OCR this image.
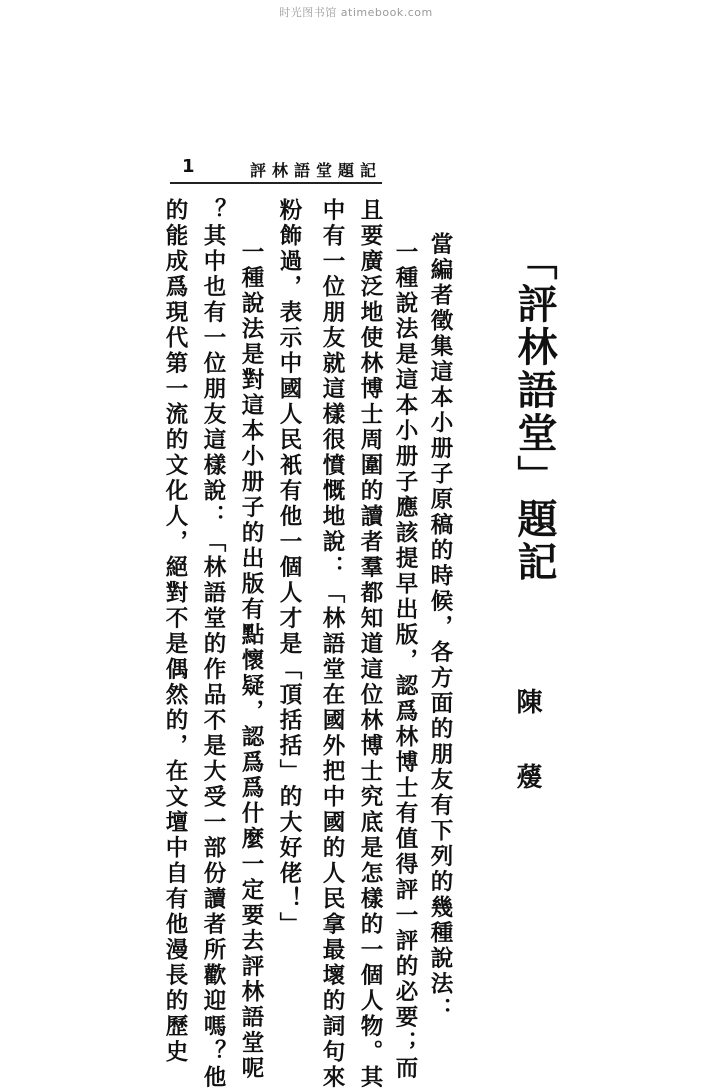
时光图书馆 atimebook.com
1	評林語堂題記
「評林語堂」題記
陳 蕿
當編者徵集這本小册子原稿的時候，各方面的朋友有下列的幾種說法：
一種說法是這本小册子應該提早出版，認爲林博士有值得評一評的必要；而
且要廣泛地使林博士周圍的讀者羣都知道這位林博士究底是怎樣的一個人物。其
中有一位朋友就這樣很憤慨地說：「林語堂在國外把中國的人民拿最壞的詞句來
粉飾過，表示中國人民衹有他一個人才是「頂括括」的大好佬！」
一種說法是對這本小册子的出版有點懷疑，認爲爲什麼一定要去評林語堂呢
？其中也有一位朋友這樣說：「林語堂的作品不是大受一部份讀者所歡迎嗎？他
的能成爲現代第一流的文化人，絕對不是偶然的，在文壇中自有他漫長的歷史
